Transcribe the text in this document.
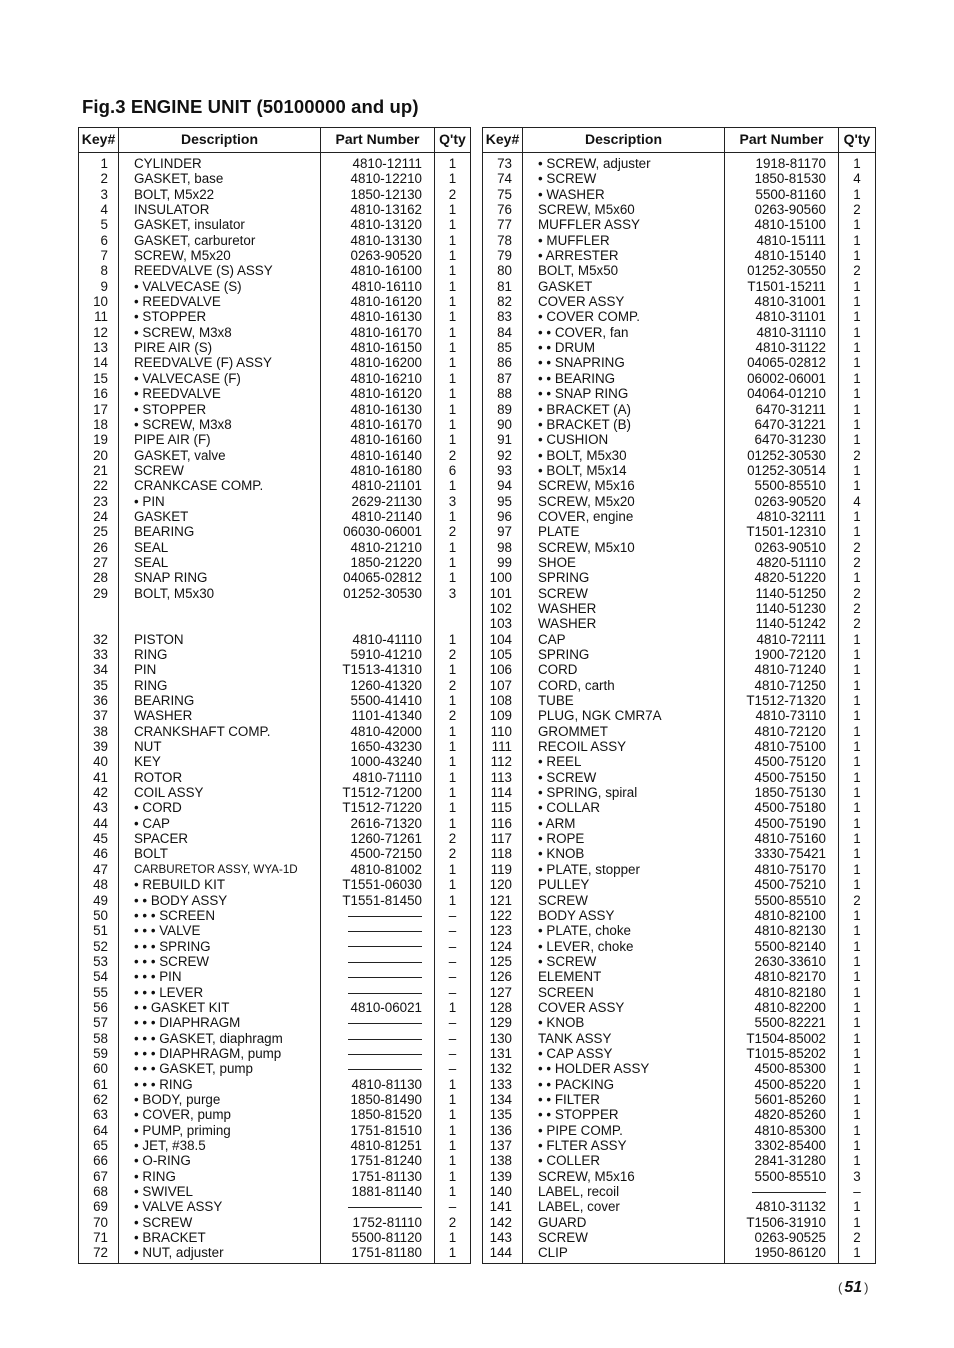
Fig.3 ENGINE UNIT (50100000 and up)
Key#	Description	Part Number	Q'ty
1	CYLINDER	4810-12111	1
2	GASKET, base	4810-12210	1
3	BOLT, M5x22	1850-12130	2
4	INSULATOR	4810-13162	1
5	GASKET, insulator	4810-13120	1
6	GASKET, carburetor	4810-13130	1
7	SCREW, M5x20	0263-90520	1
8	REEDVALVE (S) ASSY	4810-16100	1
9	• VALVECASE (S)	4810-16110	1
10	• REEDVALVE	4810-16120	1
11	• STOPPER	4810-16130	1
12	• SCREW, M3x8	4810-16170	1
13	PIRE AIR (S)	4810-16150	1
14	REEDVALVE (F) ASSY	4810-16200	1
15	• VALVECASE (F)	4810-16210	1
16	• REEDVALVE	4810-16120	1
17	• STOPPER	4810-16130	1
18	• SCREW, M3x8	4810-16170	1
19	PIPE AIR (F)	4810-16160	1
20	GASKET, valve	4810-16140	2
21	SCREW	4810-16180	6
22	CRANKCASE COMP.	4810-21101	1
23	• PIN	2629-21130	3
24	GASKET	4810-21140	1
25	BEARING	06030-06001	2
26	SEAL	4810-21210	1
27	SEAL	1850-21220	1
28	SNAP RING	04065-02812	1
29	BOLT, M5x30	01252-30530	3

32	PISTON	4810-41110	1
33	RING	5910-41210	2
34	PIN	T1513-41310	1
35	RING	1260-41320	2
36	BEARING	5500-41410	1
37	WASHER	1101-41340	2
38	CRANKSHAFT COMP.	4810-42000	1
39	NUT	1650-43230	1
40	KEY	1000-43240	1
41	ROTOR	4810-71110	1
42	COIL ASSY	T1512-71200	1
43	• CORD	T1512-71220	1
44	• CAP	2616-71320	1
45	SPACER	1260-71261	2
46	BOLT	4500-72150	2
47	CARBURETOR ASSY, WYA-1D	4810-81002	1
48	• REBUILD KIT	T1551-06030	1
49	• • BODY ASSY	T1551-81450	1
50	• • • SCREEN		–
51	• • • VALVE		–
52	• • • SPRING		–
53	• • • SCREW		–
54	• • • PIN		–
55	• • • LEVER		–
56	• • GASKET KIT	4810-06021	1
57	• • • DIAPHRAGM		–
58	• • • GASKET, diaphragm		–
59	• • • DIAPHRAGM, pump		–
60	• • • GASKET, pump		–
61	• • • RING	4810-81130	1
62	• BODY, purge	1850-81490	1
63	• COVER, pump	1850-81520	1
64	• PUMP, priming	1751-81510	1
65	• JET, #38.5	4810-81251	1
66	• O-RING	1751-81240	1
67	• RING	1751-81130	1
68	• SWIVEL	1881-81140	1
69	• VALVE ASSY		–
70	• SCREW	1752-81110	2
71	• BRACKET	5500-81120	1
72	• NUT, adjuster	1751-81180	1
Key#	Description	Part Number	Q'ty
73	• SCREW, adjuster	1918-81170	1
74	• SCREW	1850-81530	4
75	• WASHER	5500-81160	1
76	SCREW, M5x60	0263-90560	2
77	MUFFLER ASSY	4810-15100	1
78	• MUFFLER	4810-15111	1
79	• ARRESTER	4810-15140	1
80	BOLT, M5x50	01252-30550	2
81	GASKET	T1501-15211	1
82	COVER ASSY	4810-31001	1
83	• COVER COMP.	4810-31101	1
84	• • COVER, fan	4810-31110	1
85	• • DRUM	4810-31122	1
86	• • SNAPRING	04065-02812	1
87	• • BEARING	06002-06001	1
88	• • SNAP RING	04064-01210	1
89	• BRACKET (A)	6470-31211	1
90	• BRACKET (B)	6470-31221	1
91	• CUSHION	6470-31230	1
92	• BOLT, M5x30	01252-30530	2
93	• BOLT, M5x14	01252-30514	1
94	SCREW, M5x16	5500-85510	1
95	SCREW, M5x20	0263-90520	4
96	COVER, engine	4810-32111	1
97	PLATE	T1501-12310	1
98	SCREW, M5x10	0263-90510	2
99	SHOE	4820-51110	2
100	SPRING	4820-51220	1
101	SCREW	1140-51250	2
102	WASHER	1140-51230	2
103	WASHER	1140-51242	2
104	CAP	4810-72111	1
105	SPRING	1900-72120	1
106	CORD	4810-71240	1
107	CORD, carth	4810-71250	1
108	TUBE	T1512-71320	1
109	PLUG, NGK CMR7A	4810-73110	1
110	GROMMET	4810-72120	1
111	RECOIL ASSY	4810-75100	1
112	• REEL	4500-75120	1
113	• SCREW	4500-75150	1
114	• SPRING, spiral	1850-75130	1
115	• COLLAR	4500-75180	1
116	• ARM	4500-75190	1
117	• ROPE	4810-75160	1
118	• KNOB	3330-75421	1
119	• PLATE, stopper	4810-75170	1
120	PULLEY	4500-75210	1
121	SCREW	5500-85510	2
122	BODY ASSY	4810-82100	1
123	• PLATE, choke	4810-82130	1
124	• LEVER, choke	5500-82140	1
125	• SCREW	2630-33610	1
126	ELEMENT	4810-82170	1
127	SCREEN	4810-82180	1
128	COVER ASSY	4810-82200	1
129	• KNOB	5500-82221	1
130	TANK ASSY	T1504-85002	1
131	• CAP ASSY	T1015-85202	1
132	• • HOLDER ASSY	4500-85300	1
133	• • PACKING	4500-85220	1
134	• • FILTER	5601-85260	1
135	• • STOPPER	4820-85260	1
136	• PIPE COMP.	4810-85300	1
137	• FLTER ASSY	3302-85400	1
138	• COLLER	2841-31280	1
139	SCREW, M5x16	5500-85510	3
140	LABEL, recoil		–
141	LABEL, cover	4810-31132	1
142	GUARD	T1506-31910	1
143	SCREW	0263-90525	2
144	CLIP	1950-86120	1
( 51 )
